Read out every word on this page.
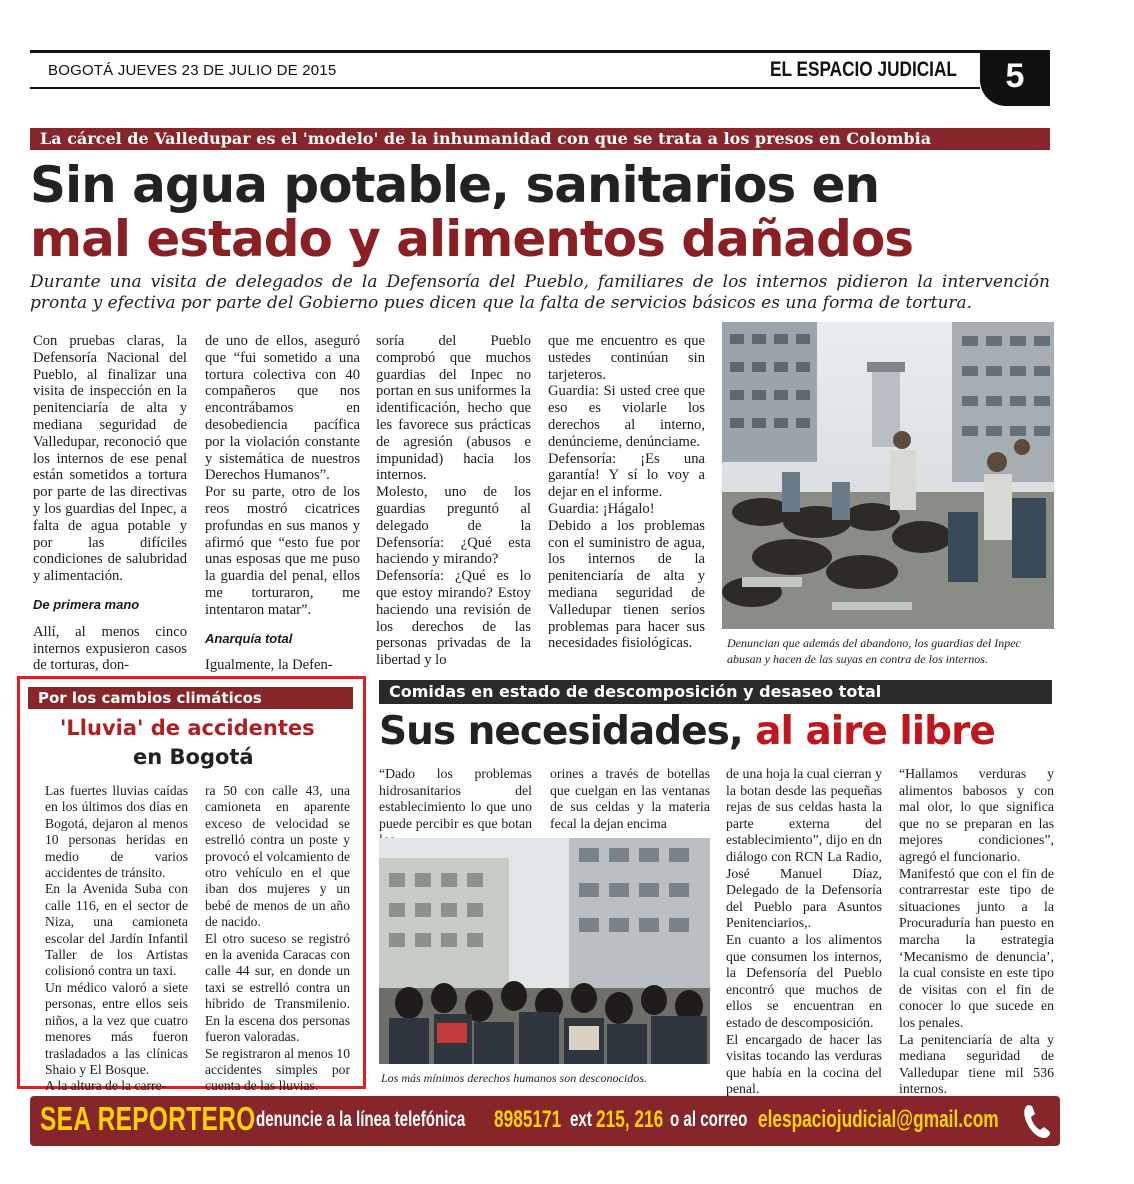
BOGOTÁ JUEVES 23 DE JULIO DE 2015	EL ESPACIO JUDICIAL	5
La cárcel de Valledupar es el 'modelo' de la inhumanidad con que se trata a los presos en Colombia
Sin agua potable, sanitarios en
mal estado y alimentos dañados
Durante una visita de delegados de la Defensoría del Pueblo, familiares de los internos pidieron la intervención pronta y efectiva por parte del Gobierno pues dicen que la falta de servicios básicos es una forma de tortura.

Con pruebas claras, la Defensoría Nacional del Pueblo, al finalizar una visita de inspección en la penitenciaría de alta y mediana seguridad de Valledupar, reconoció que los internos de ese penal están sometidos a tortura por parte de las directivas y los guardias del Inpec, a falta de agua potable y por las difíciles condiciones de salubridad y alimentación.

De primera mano

Allí, al menos cinco internos expusieron casos de torturas, don-

de uno de ellos, aseguró que “fui sometido a una tortura colectiva con 40 compañeros que nos encontrábamos en desobediencia pacífica por la violación constante y sistemática de nuestros Derechos Humanos”.

Por su parte, otro de los reos mostró cicatrices profundas en sus manos y afirmó que “esto fue por unas esposas que me puso la guardia del penal, ellos me torturaron, me intentaron matar”.

Anarquía total

Igualmente, la Defen-

soría del Pueblo comprobó que muchos guardias del Inpec no portan en sus uniformes la identificación, hecho que les favorece sus prácticas de agresión (abusos e impunidad) hacia los internos.

Molesto, uno de los guardias preguntó al delegado de la Defensoría: ¿Qué esta haciendo y mirando?

Defensoría: ¿Qué es lo que estoy mirando? Estoy haciendo una revisión de los derechos de las personas privadas de la libertad y lo

que me encuentro es que ustedes continúan sin tarjeteros.

Guardia: Si usted cree que eso es violarle los derechos al interno, denúncieme, denúnciame.

Defensoría: ¡Es una garantía! Y sí lo voy a dejar en el informe.

Guardia: ¡Hágalo!

Debido a los problemas con el suministro de agua, los internos de la penitenciaría de alta y mediana seguridad de Valledupar tienen serios problemas para hacer sus necesidades fisiológicas.	Denuncian que además del abandono, los guardias del Inpec abusan y hacen de las suyas en contra de los internos.
Por los cambios climáticos
'Lluvia' de accidentes
en Bogotá

Las fuertes lluvias caídas en los últimos dos días en Bogotá, dejaron al menos 10 personas heridas en medio de varios accidentes de tránsito.

En la Avenida Suba con calle 116, en el sector de Niza, una camioneta escolar del Jardín Infantil Taller de los Artistas colisionó contra un taxi.

Un médico valoró a siete personas, entre ellos seis niños, a la vez que cuatro menores más fueron trasladados a las clínicas Shaio y El Bosque.

A la altura de la carre-

ra 50 con calle 43, una camioneta en aparente exceso de velocidad se estrelló contra un poste y provocó el volcamiento de otro vehículo en el que iban dos mujeres y un bebé de menos de un año de nacido.

El otro suceso se registró en la avenida Caracas con calle 44 sur, en donde un taxi se estrelló contra un híbrido de Transmilenio. En la escena dos personas fueron valoradas.

Se registraron al menos 10 accidentes simples por cuenta de las lluvias.

Comidas en estado de descomposición y desaseo total
Sus necesidades, al aire libre

“Dado los problemas hidrosanitarios del establecimiento lo que uno puede percibir es que botan

orines a través de botellas que cuelgan en las ventanas de sus celdas y la materia fecal la dejan encima

de una hoja la cual cierran y la botan desde las pequeñas rejas de sus celdas hasta la parte externa del establecimiento”, dijo en dn diálogo con RCN La Radio, José Manuel Díaz, Delegado de la Defensoría del Pueblo para Asuntos Penitenciarios,.

En cuanto a los alimentos que consumen los internos, la Defensoría del Pueblo encontró que muchos de ellos se encuentran en estado de descomposición.

El encargado de hacer las visitas tocando las verduras que había en la cocina del penal.

“Hallamos verduras y alimentos babosos y con mal olor, lo que significa que no se preparan en las mejores condiciones”, agregó el funcionario.

Manifestó que con el fin de contrarrestar este tipo de situaciones junto a la Procuraduría han puesto en marcha la estrategia ‘Mecanismo de denuncia’, la cual consiste en este tipo de visitas con el fin de conocer lo que sucede en los penales.

La penitenciaría de alta y mediana seguridad de Valledupar tiene mil 536 internos.

Los más mínimos derechos humanos son desconocidos.
SEA REPORTERO denuncie a la línea telefónica 8985171 ext 215, 216 o al correo elespaciojudicial@gmail.com
